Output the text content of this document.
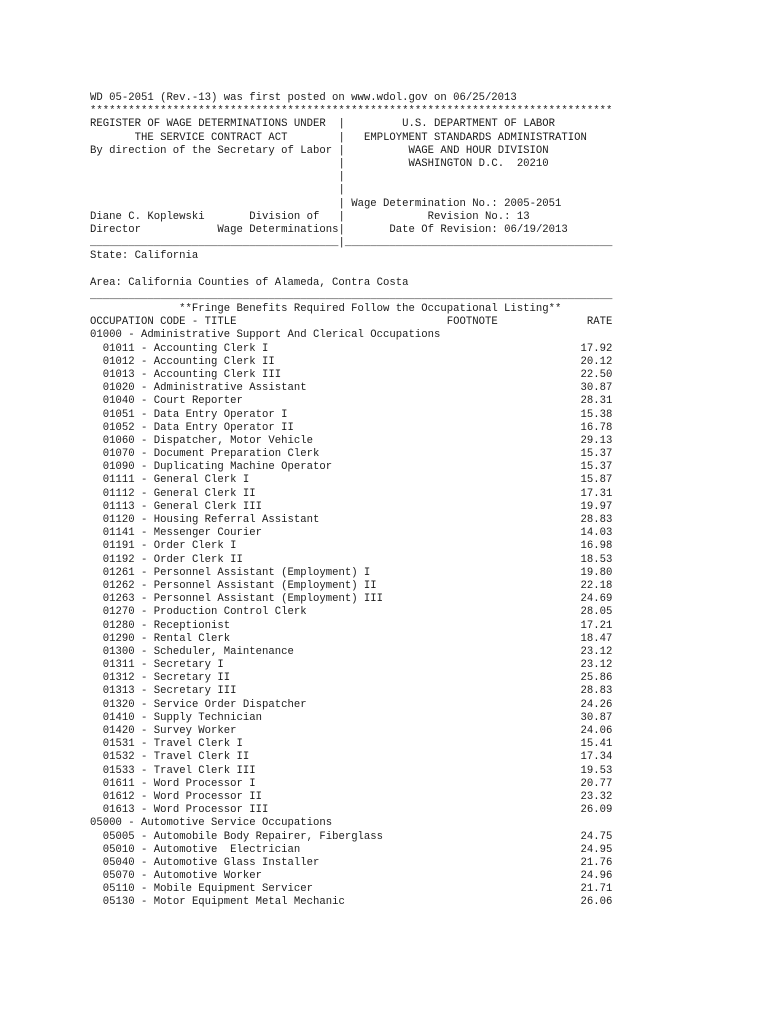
WD 05-2051 (Rev.-13) was first posted on www.wdol.gov on 06/25/2013
**********************************************************************************
REGISTER OF WAGE DETERMINATIONS UNDER |	U.S. DEPARTMENT OF LABOR
THE SERVICE CONTRACT ACT	| EMPLOYMENT STANDARDS ADMINISTRATION
By direction of the Secretary of Labor |	WAGE AND HOUR DIVISION
|	WASHINGTON D.C.  20210
|
|
| Wage Determination No.: 2005-2051
Diane C. Koplewski	Division of |	Revision No.: 13
Director	Wage Determinations|	Date Of Revision: 06/19/2013
_______________________________________|__________________________________________
State: California

Area: California Counties of Alameda, Contra Costa
__________________________________________________________________________________
**Fringe Benefits Required Follow the Occupational Listing**
OCCUPATION CODE - TITLE	FOOTNOTE	RATE
01000 - Administrative Support And Clerical Occupations
01011 - Accounting Clerk I	17.92
01012 - Accounting Clerk II	20.12
01013 - Accounting Clerk III	22.50
01020 - Administrative Assistant	30.87
01040 - Court Reporter	28.31
01051 - Data Entry Operator I	15.38
01052 - Data Entry Operator II	16.78
01060 - Dispatcher, Motor Vehicle	29.13
01070 - Document Preparation Clerk	15.37
01090 - Duplicating Machine Operator	15.37
01111 - General Clerk I	15.87
01112 - General Clerk II	17.31
01113 - General Clerk III	19.97
01120 - Housing Referral Assistant	28.83
01141 - Messenger Courier	14.03
01191 - Order Clerk I	16.98
01192 - Order Clerk II	18.53
01261 - Personnel Assistant (Employment) I	19.80
01262 - Personnel Assistant (Employment) II	22.18
01263 - Personnel Assistant (Employment) III	24.69
01270 - Production Control Clerk	28.05
01280 - Receptionist	17.21
01290 - Rental Clerk	18.47
01300 - Scheduler, Maintenance	23.12
01311 - Secretary I	23.12
01312 - Secretary II	25.86
01313 - Secretary III	28.83
01320 - Service Order Dispatcher	24.26
01410 - Supply Technician	30.87
01420 - Survey Worker	24.06
01531 - Travel Clerk I	15.41
01532 - Travel Clerk II	17.34
01533 - Travel Clerk III	19.53
01611 - Word Processor I	20.77
01612 - Word Processor II	23.32
01613 - Word Processor III	26.09
05000 - Automotive Service Occupations
05005 - Automobile Body Repairer, Fiberglass	24.75
05010 - Automotive  Electrician	24.95
05040 - Automotive Glass Installer	21.76
05070 - Automotive Worker	24.96
05110 - Mobile Equipment Servicer	21.71
05130 - Motor Equipment Metal Mechanic	26.06
